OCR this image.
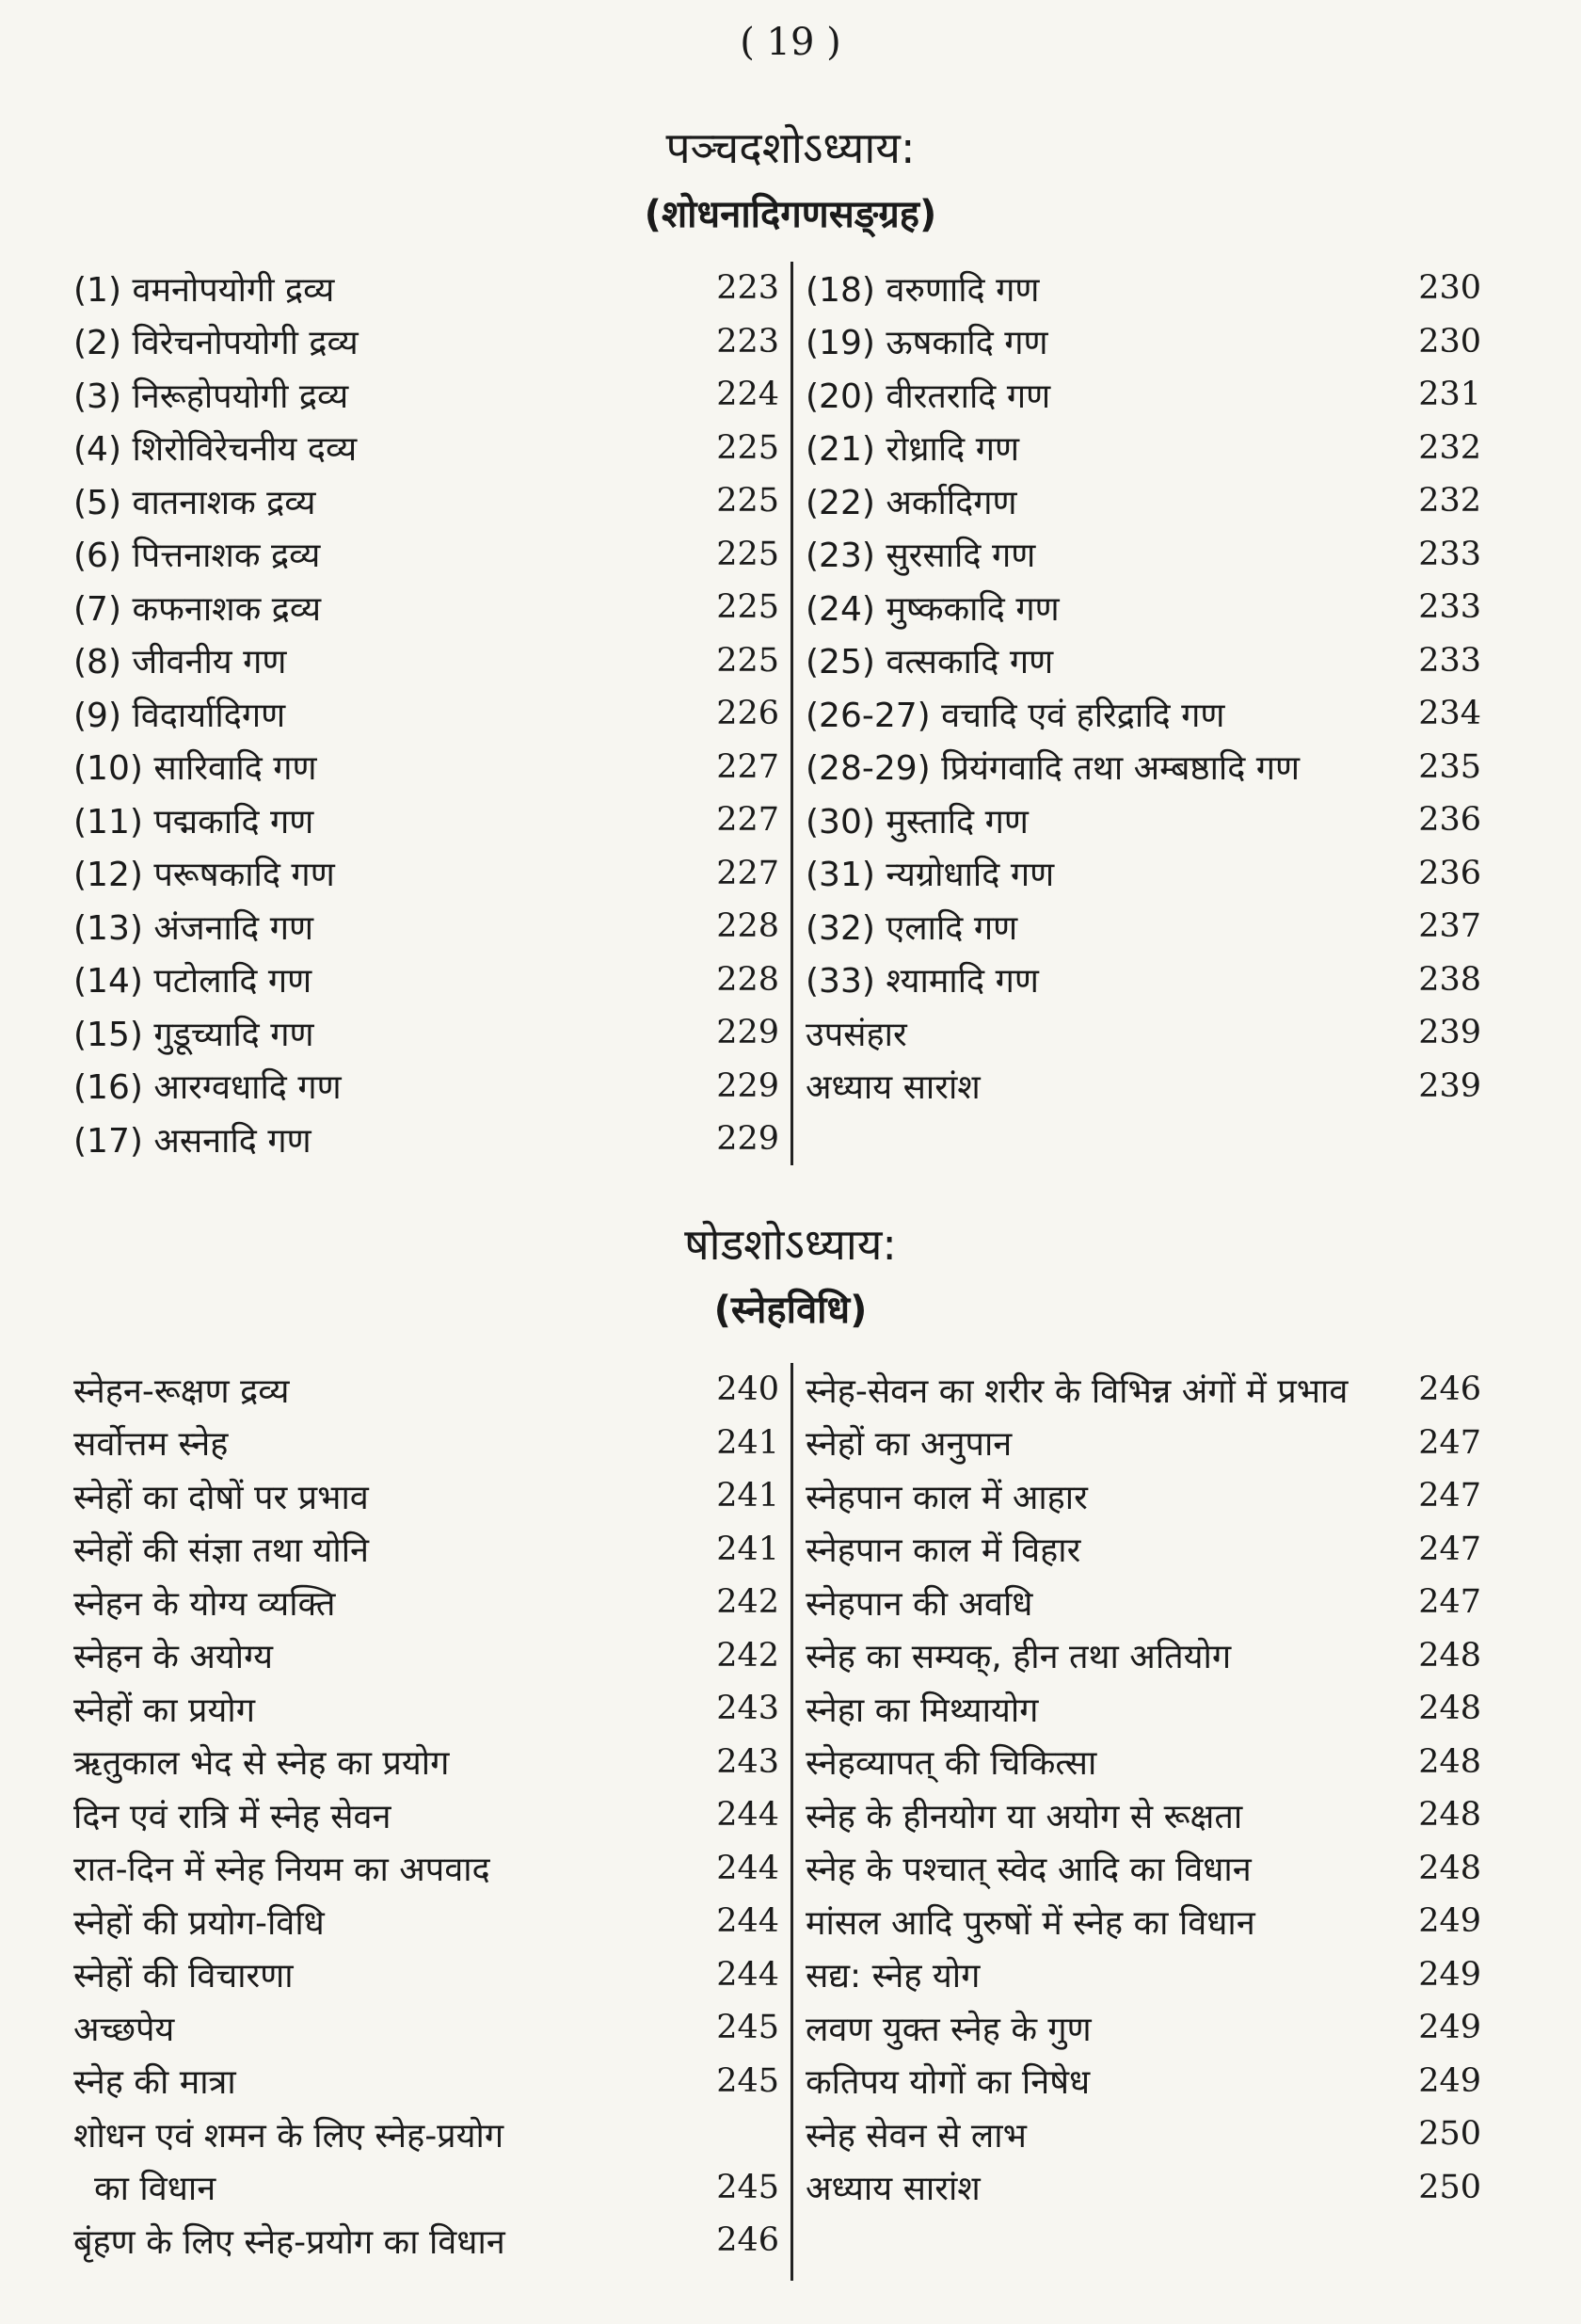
( 19 )
पञ्चदशोऽध्याय:
(शोधनादिगणसङ्ग्रह)
(1) वमनोपयोगी द्रव्य	223
(2) विरेचनोपयोगी द्रव्य	223
(3) निरूहोपयोगी द्रव्य	224
(4) शिरोविरेचनीय दव्य	225
(5) वातनाशक द्रव्य	225
(6) पित्तनाशक द्रव्य	225
(7) कफनाशक द्रव्य	225
(8) जीवनीय गण	225
(9) विदार्यादिगण	226
(10) सारिवादि गण	227
(11) पद्मकादि गण	227
(12) परूषकादि गण	227
(13) अंजनादि गण	228
(14) पटोलादि गण	228
(15) गुडूच्यादि गण	229
(16) आरग्वधादि गण	229
(17) असनादि गण	229
(18) वरुणादि गण	230
(19) ऊषकादि गण	230
(20) वीरतरादि गण	231
(21) रोध्रादि गण	232
(22) अर्कादिगण	232
(23) सुरसादि गण	233
(24) मुष्ककादि गण	233
(25) वत्सकादि गण	233
(26-27) वचादि एवं हरिद्रादि गण	234
(28-29) प्रियंगवादि तथा अम्बष्ठादि गण	235
(30) मुस्तादि गण	236
(31) न्यग्रोधादि गण	236
(32) एलादि गण	237
(33) श्यामादि गण	238
उपसंहार	239
अध्याय सारांश	239
षोडशोऽध्याय:
(स्नेहविधि)
स्नेहन-रूक्षण द्रव्य	240
सर्वोत्तम स्नेह	241
स्नेहों का दोषों पर प्रभाव	241
स्नेहों की संज्ञा तथा योनि	241
स्नेहन के योग्य व्यक्ति	242
स्नेहन के अयोग्य	242
स्नेहों का प्रयोग	243
ऋतुकाल भेद से स्नेह का प्रयोग	243
दिन एवं रात्रि में स्नेह सेवन	244
रात-दिन में स्नेह नियम का अपवाद	244
स्नेहों की प्रयोग-विधि	244
स्नेहों की विचारणा	244
अच्छपेय	245
स्नेह की मात्रा	245
शोधन एवं शमन के लिए स्नेह-प्रयोग
का विधान	245
बृंहण के लिए स्नेह-प्रयोग का विधान	246
स्नेह-सेवन का शरीर के विभिन्न अंगों में प्रभाव 246
स्नेहों का अनुपान	247
स्नेहपान काल में आहार	247
स्नेहपान काल में विहार	247
स्नेहपान की अवधि	247
स्नेह का सम्यक्, हीन तथा अतियोग	248
स्नेहा का मिथ्यायोग	248
स्नेहव्यापत् की चिकित्सा	248
स्नेह के हीनयोग या अयोग से रूक्षता	248
स्नेह के पश्चात् स्वेद आदि का विधान	248
मांसल आदि पुरुषों में स्नेह का विधान	249
सद्य: स्नेह योग	249
लवण युक्त स्नेह के गुण	249
कतिपय योगों का निषेध	249
स्नेह सेवन से लाभ	250
अध्याय सारांश	250
